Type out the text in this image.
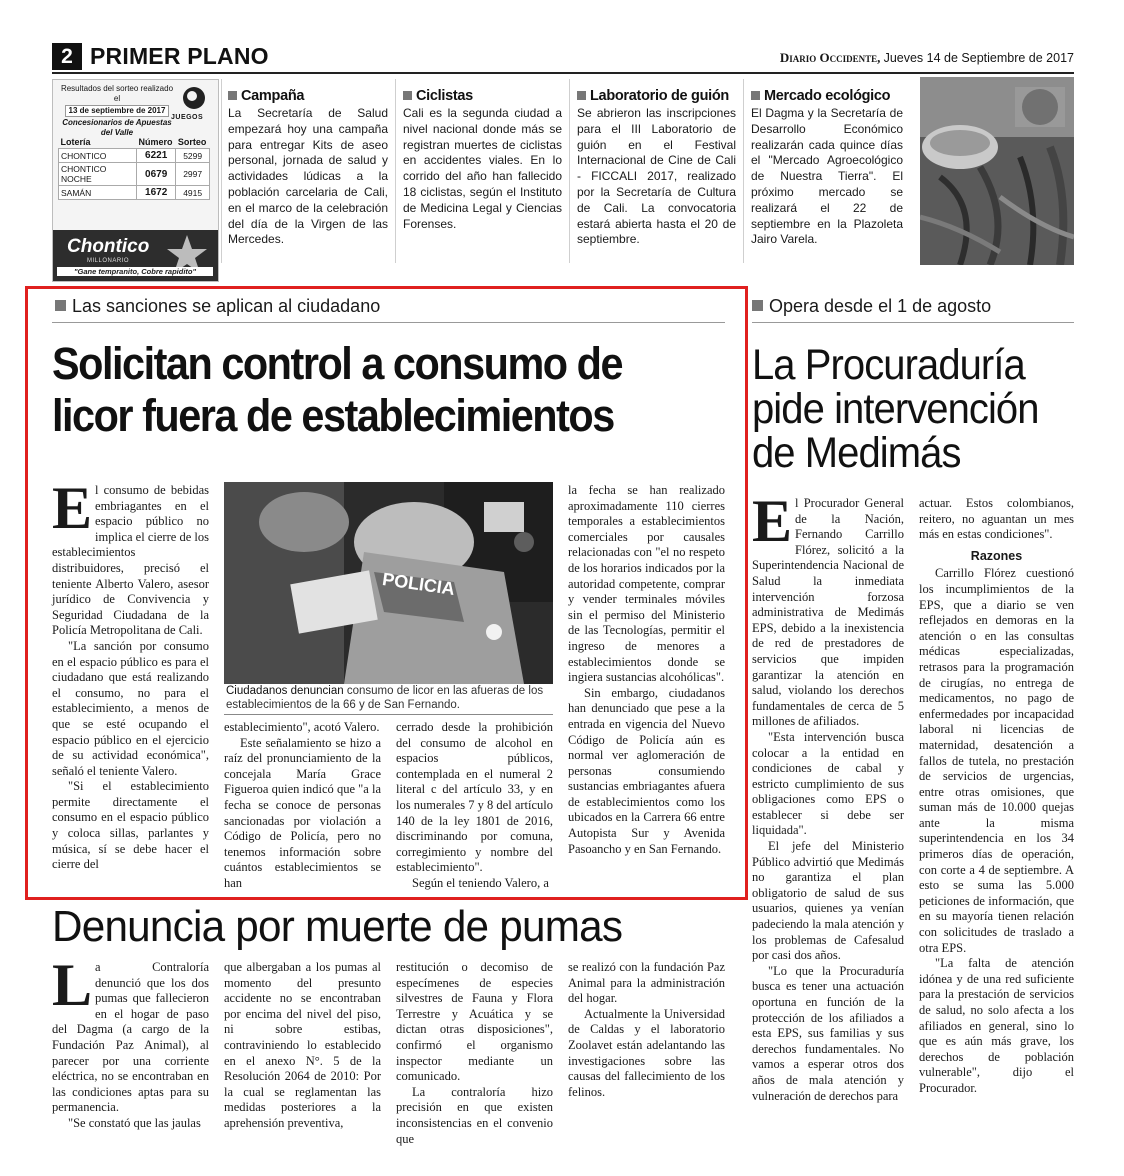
2 PRIMER PLANO	Diario Occidente, Jueves 14 de Septiembre de 2017
Resultados del sorteo realizado el
13 de septiembre de 2017
Concesionarios de Apuestas del Valle
JUEGOS
Lotería	Número	Sorteo
CHONTICO	6221	5299
CHONTICO NOCHE	0679	2997
SAMÁN	1672	4915
Chontico
MILLONARIO
"Gane tempranito, Cobre rapidito"
Campaña
La Secretaría de Salud empezará hoy una campaña para entregar Kits de aseo personal, jornada de salud y actividades lúdicas a la población carcelaria de Cali, en el marco de la celebración del día de la Virgen de las Mercedes.
Ciclistas
Cali es la segunda ciudad a nivel nacional donde más se registran muertes de ciclistas en accidentes viales. En lo corrido del año han fallecido 18 ciclistas, según el Instituto de Medicina Legal y Ciencias Forenses.
Laboratorio de guión
Se abrieron las inscripciones para el III Laboratorio de guión en el Festival Internacional de Cine de Cali - FICCALI 2017, realizado por la Secretaría de Cultura de Cali. La convocatoria estará abierta hasta el 20 de septiembre.
Mercado ecológico
El Dagma y la Secretaría de Desarrollo Económico realizarán cada quince días el "Mercado Agroecológico de Nuestra Tierra". El próximo mercado se realizará el 22 de septiembre en la Plazoleta Jairo Varela.
Las sanciones se aplican al ciudadano
Solicitan control a consumo de
licor fuera de establecimientos

El consumo de bebidas embriagantes en el espacio público no implica el cierre de los establecimientos distribuidores, precisó el teniente Alberto Valero, asesor jurídico de Convivencia y Seguridad Ciudadana de la Policía Metropolitana de Cali.

"La sanción por consumo en el espacio público es para el ciudadano que está realizando el consumo, no para el establecimiento, a menos de que se esté ocupando el espacio público en el ejercicio de su actividad económica", señaló el teniente Valero.

"Si el establecimiento permite directamente el consumo en el espacio público y coloca sillas, parlantes y música, sí se debe hacer el cierre del

POLICIA
Ciudadanos denuncian consumo de licor en las afueras de los establecimientos de la 66 y de San Fernando.

establecimiento", acotó Valero.

Este señalamiento se hizo a raíz del pronunciamiento de la concejala María Grace Figueroa quien indicó que "a la fecha se conoce de personas sancionadas por violación a Código de Policía, pero no tenemos información sobre cuántos establecimientos se han

cerrado desde la prohibición del consumo de alcohol en espacios públicos, contemplada en el numeral 2 literal c del artículo 33, y en los numerales 7 y 8 del artículo 140 de la ley 1801 de 2016, discriminando por comuna, corregimiento y nombre del establecimiento".

Según el teniendo Valero, a

la fecha se han realizado aproximadamente 110 cierres temporales a establecimientos comerciales por causales relacionadas con "el no respeto de los horarios indicados por la autoridad competente, comprar y vender terminales móviles sin el permiso del Ministerio de las Tecnologías, permitir el ingreso de menores a establecimientos donde se ingiera sustancias alcohólicas".

Sin embargo, ciudadanos han denunciado que pese a la entrada en vigencia del Nuevo Código de Policía aún es normal ver aglomeración de personas consumiendo sustancias embriagantes afuera de establecimientos como los ubicados en la Carrera 66 entre Autopista Sur y Avenida Pasoancho y en San Fernando.

Opera desde el 1 de agosto
La Procuraduría
pide intervención
de Medimás

El Procurador General de la Nación, Fernando Carrillo Flórez, solicitó a la Superintendencia Nacional de Salud la inmediata intervención forzosa administrativa de Medimás EPS, debido a la inexistencia de red de prestadores de servicios que impiden garantizar la atención en salud, violando los derechos fundamentales de cerca de 5 millones de afiliados.

"Esta intervención busca colocar a la entidad en condiciones de cabal y estricto cumplimiento de sus obligaciones como EPS o establecer si debe ser liquidada".

El jefe del Ministerio Público advirtió que Medimás no garantiza el plan obligatorio de salud de sus usuarios, quienes ya venían padeciendo la mala atención y los problemas de Cafesalud por casi dos años.

"Lo que la Procuraduría busca es tener una actuación oportuna en función de la protección de los afiliados a esta EPS, sus familias y sus derechos fundamentales. No vamos a esperar otros dos años de mala atención y vulneración de derechos para

actuar. Estos colombianos, reitero, no aguantan un mes más en estas condiciones".

Razones

Carrillo Flórez cuestionó los incumplimientos de la EPS, que a diario se ven reflejados en demoras en la atención o en las consultas médicas especializadas, retrasos para la programación de cirugías, no entrega de medicamentos, no pago de enfermedades por incapacidad laboral ni licencias de maternidad, desatención a fallos de tutela, no prestación de servicios de urgencias, entre otras omisiones, que suman más de 10.000 quejas ante la misma superintendencia en los 34 primeros días de operación, con corte a 4 de septiembre. A esto se suma las 5.000 peticiones de información, que en su mayoría tienen relación con solicitudes de traslado a otra EPS.

"La falta de atención idónea y de una red suficiente para la prestación de servicios de salud, no solo afecta a los afiliados en general, sino lo que es aún más grave, los derechos de población vulnerable", dijo el Procurador.

Denuncia por muerte de pumas

La Contraloría denunció que los dos pumas que fallecieron en el hogar de paso del Dagma (a cargo de la Fundación Paz Animal), al parecer por una corriente eléctrica, no se encontraban en las condiciones aptas para su permanencia.

"Se constató que las jaulas

que albergaban a los pumas al momento del presunto accidente no se encontraban por encima del nivel del piso, ni sobre estibas, contraviniendo lo establecido en el anexo N°. 5 de la Resolución 2064 de 2010: Por la cual se reglamentan las medidas posteriores a la aprehensión preventiva,

restitución o decomiso de especímenes de especies silvestres de Fauna y Flora Terrestre y Acuática y se dictan otras disposiciones", confirmó el organismo inspector mediante un comunicado.

La contraloría hizo precisión en que existen inconsistencias en el convenio que

se realizó con la fundación Paz Animal para la administración del hogar.

Actualmente la Universidad de Caldas y el laboratorio Zoolavet están adelantando las investigaciones sobre las causas del fallecimiento de los felinos.
